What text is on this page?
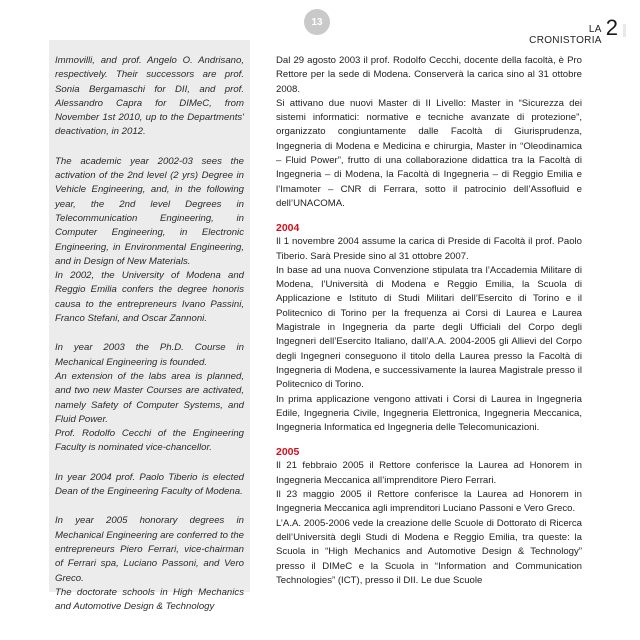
13
LA
CRONISTORIA
2

Immovilli, and prof. Angelo O. Andrisano, respectively. Their successors are prof. Sonia Bergamaschi for DII, and prof. Alessandro Capra for DIMeC, from November 1st 2010, up to the Departments' deactivation, in 2012.

The academic year 2002-03 sees the activation of the 2nd level (2 yrs) Degree in Vehicle Engineering, and, in the following year, the 2nd level Degrees in Telecommunication Engineering, in Computer Engineering, in Electronic Engineering, in Environmental Engineering, and in Design of New Materials.
In 2002, the University of Modena and Reggio Emilia confers the degree honoris causa to the entrepreneurs Ivano Passini, Franco Stefani, and Oscar Zannoni.

In year 2003 the Ph.D. Course in Mechanical Engineering is founded.
An extension of the labs area is planned, and two new Master Courses are activated, namely Safety of Computer Systems, and Fluid Power.
Prof. Rodolfo Cecchi of the Engineering Faculty is nominated vice-chancellor.

In year 2004 prof. Paolo Tiberio is elected Dean of the Engineering Faculty of Modena.

In year 2005 honorary degrees in Mechanical Engineering are conferred to the entrepreneurs Piero Ferrari, vice-chairman of Ferrari spa, Luciano Passoni, and Vero Greco.
The doctorate schools in High Mechanics and Automotive Design & Technology

Dal 29 agosto 2003 il prof. Rodolfo Cecchi, docente della facoltà, è Pro Rettore per la sede di Modena. Conserverà la carica sino al 31 ottobre 2008.

Si attivano due nuovi Master di II Livello: Master in “Sicurezza dei sistemi informatici: normative e tecniche avanzate di protezione”, organizzato congiuntamente dalle Facoltà di Giurisprudenza, Ingegneria di Modena e Medicina e chirurgia, Master in “Oleodinamica – Fluid Power”, frutto di una collaborazione didattica tra la Facoltà di Ingegneria – di Modena, la Facoltà di Ingegneria – di Reggio Emilia e l’Imamoter – CNR di Ferrara, sotto il patrocinio dell’Assofluid e dell’UNACOMA.

2004

Il 1 novembre 2004 assume la carica di Preside di Facoltà il prof. Paolo Tiberio. Sarà Preside sino al 31 ottobre 2007.

In base ad una nuova Convenzione stipulata tra l’Accademia Militare di Modena, l’Università di Modena e Reggio Emilia, la Scuola di Applicazione e Istituto di Studi Militari dell’Esercito di Torino e il Politecnico di Torino per la frequenza ai Corsi di Laurea e Laurea Magistrale in Ingegneria da parte degli Ufficiali del Corpo degli Ingegneri dell’Esercito Italiano, dall’A.A. 2004-2005 gli Allievi del Corpo degli Ingegneri conseguono il titolo della Laurea presso la Facoltà di Ingegneria di Modena, e successivamente la laurea Magistrale presso il Politecnico di Torino.

In prima applicazione vengono attivati i Corsi di Laurea in Ingegneria Edile, Ingegneria Civile, Ingegneria Elettronica, Ingegneria Meccanica, Ingegneria Informatica ed Ingegneria delle Telecomunicazioni.

2005

Il 21 febbraio 2005 il Rettore conferisce la Laurea ad Honorem in Ingegneria Meccanica all’imprenditore Piero Ferrari.

Il 23 maggio 2005 il Rettore conferisce la Laurea ad Honorem in Ingegneria Meccanica agli imprenditori Luciano Passoni e Vero Greco.

L’A.A. 2005-2006 vede la creazione delle Scuole di Dottorato di Ricerca dell’Università degli Studi di Modena e Reggio Emilia, tra queste: la Scuola in “High Mechanics and Automotive Design & Technology” presso il DIMeC e la Scuola in “Information and Communication Technologies” (ICT), presso il DII. Le due Scuole
